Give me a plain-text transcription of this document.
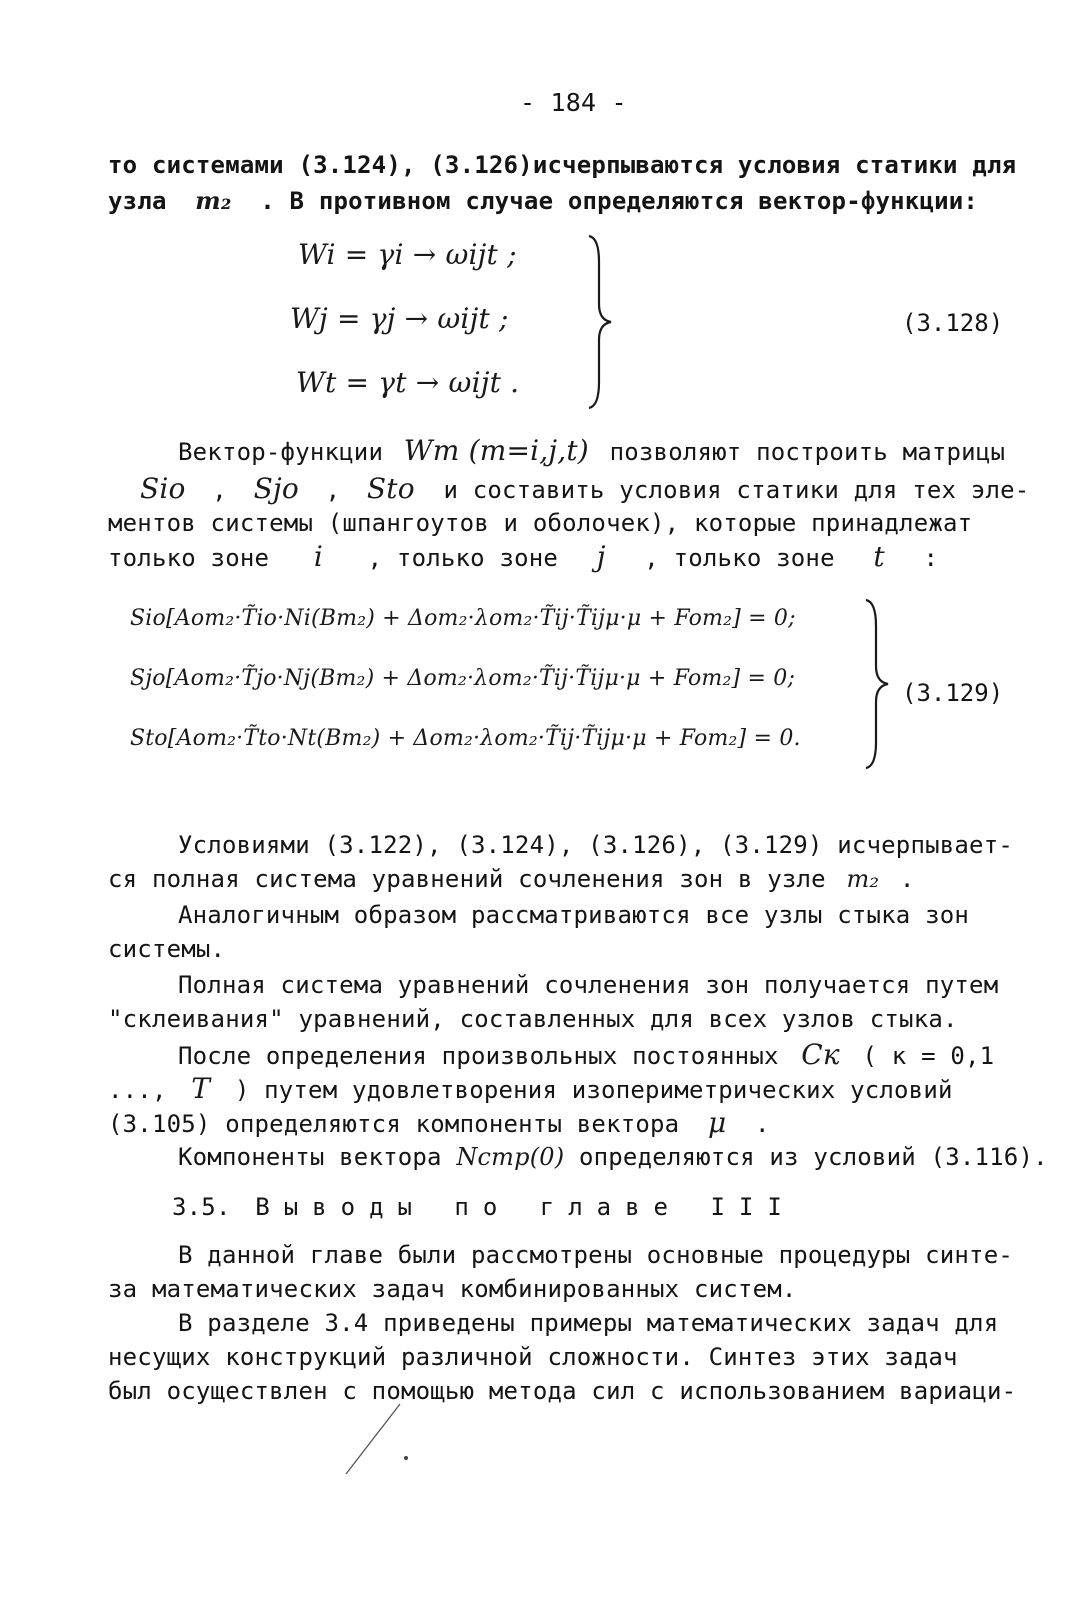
- 184 -
то системами (3.124), (3.126)исчерпываются условия статики для
узла m₂ . В противном случае определяются вектор-функции:
Wi = γi → ωijt ;
Wj = γj → ωijt ;
Wt = γt → ωijt .
(3.128)
Вектор-функции Wm (m=i,j,t) позволяют построить матрицы
Sio , Sjo , Sto и составить условия статики для тех эле-
ментов системы (шпангоутов и оболочек), которые принадлежат
только зоне i , только зоне j , только зоне t :
Sio[Aom₂·T̃io·Ni(Bm₂) + Δom₂·λom₂·T̃ij·T̃ijμ·μ + Fom₂] = 0;
Sjo[Aom₂·T̃jo·Nj(Bm₂) + Δom₂·λom₂·T̃ij·T̃ijμ·μ + Fom₂] = 0;
Sto[Aom₂·T̃to·Nt(Bm₂) + Δom₂·λom₂·T̃ij·T̃ijμ·μ + Fom₂] = 0.
(3.129)
Условиями (3.122), (3.124), (3.126), (3.129) исчерпывает-
ся полная система уравнений сочленения зон в узле m₂ .
Аналогичным образом рассматриваются все узлы стыка зон
системы.
Полная система уравнений сочленения зон получается путем
"склеивания" уравнений, составленных для всех узлов стыка.
После определения произвольных постоянных Cк ( к = 0,1
..., T ) путем удовлетворения изопериметрических условий
(3.105) определяются компоненты вектора μ .
Компоненты вектора Nсmp(0) определяются из условий (3.116).
3.5. Выводы по главе III
В данной главе были рассмотрены основные процедуры синте-
за математических задач комбинированных систем.
В разделе 3.4 приведены примеры математических задач для
несущих конструкций различной сложности. Синтез этих задач
был осуществлен с помощью метода сил с использованием вариаци-
